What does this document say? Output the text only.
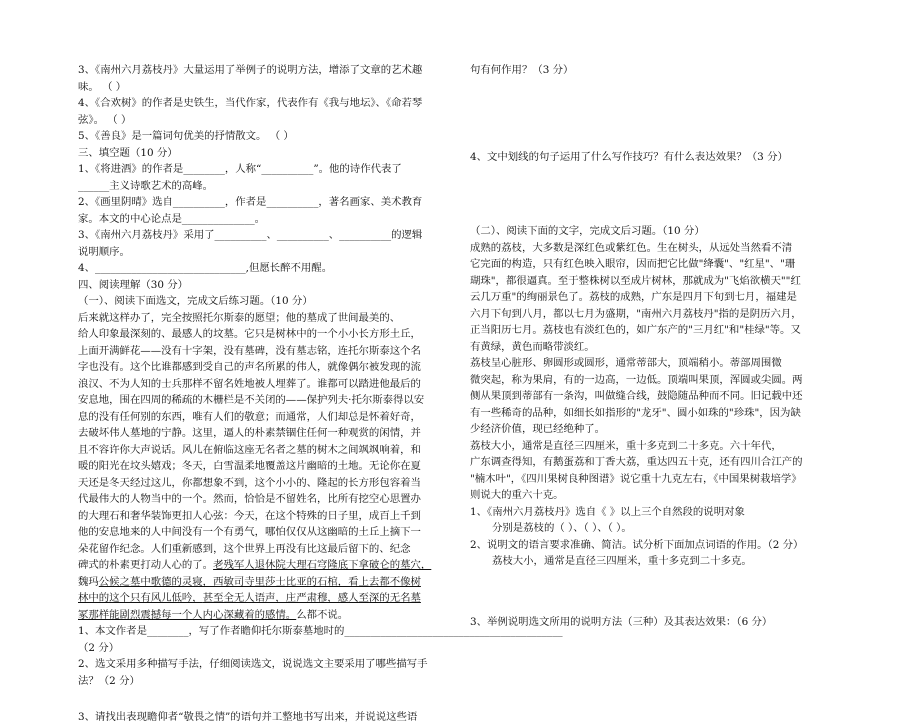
3、《南州六月荔枝丹》大量运用了举例子的说明方法，增添了文章的艺术趣
味。 （ ）
4、《合欢树》的作者是史铁生，当代作家，代表作有《我与地坛》、《命若琴
弦》。 （ ）
5、《善良》是一篇词句优美的抒情散文。 （ ）
三、填空题（10 分）
1、《将进酒》的作者是________，人称“__________”。他的诗作代表了
______主义诗歌艺术的高峰。
2、《画里阴晴》选自__________，作者是__________，著名画家、美术教育
家。本文的中心论点是______________。
3、《南州六月荔枝丹》采用了__________、__________、__________的逻辑
说明顺序。
4、_____________________________,但愿长醉不用醒。
四、阅读理解（30 分）
（一）、阅读下面选文，完成文后练习题。（10 分）
后来就这样办了，完全按照托尔斯泰的愿望；他的墓成了世间最美的、
给人印象最深刻的、最感人的坟墓。它只是树林中的一个小小长方形土丘，
上面开满鲜花——没有十字架，没有墓碑，没有墓志铭，连托尔斯泰这个名
字也没有。这个比谁都感到受自己的声名所累的伟人，就像偶尔被发现的流
浪汉、不为人知的士兵那样不留名姓地被人埋葬了。谁都可以踏进他最后的
安息地，围在四周的稀疏的木栅栏是不关闭的——保护列夫·托尔斯泰得以安
息的没有任何别的东西，唯有人们的敬意；而通常，人们却总是怀着好奇，
去破坏伟人墓地的宁静。这里，逼人的朴素禁锢住任何一种观赏的闲情，并
且不容许你大声说话。风儿在俯临这座无名者之墓的树木之间飒飒响着，和
暖的阳光在坟头嬉戏；冬天，白雪温柔地覆盖这片幽暗的土地。无论你在夏
天还是冬天经过这儿，你都想象不到，这个小小的、隆起的长方形包容着当
代最伟大的人物当中的一个。然而，恰恰是不留姓名，比所有挖空心思置办
的大理石和奢华装饰更扣人心弦：今天，在这个特殊的日子里，成百上千到
他的安息地来的人中间没有一个有勇气，哪怕仅仅从这幽暗的土丘上摘下一
朵花留作纪念。人们重新感到，这个世界上再没有比这最后留下的、纪念
碑式的朴素更打动人心的了。老残军人退休院大理石穹隆底下拿破仑的墓穴，
魏玛公候之墓中歌德的灵寝，西敏司寺里莎士比亚的石棺，看上去都不像树
林中的这个只有风儿低吟，甚至全无人语声，庄严肃穆，感人至深的无名墓
冢那样能剧烈震撼每一个人内心深藏着的感情。么都不说。
1、本文作者是________，写了作者瞻仰托尔斯泰墓地时的__________________________________________
（2 分）
2、选文采用多种描写手法，仔细阅读选文，说说选文主要采用了哪些描写手
法？（2 分）
3、请找出表现瞻仰者“敬畏之情”的语句并工整地书写出来，并说说这些语
句有何作用？（3 分）
4、文中划线的句子运用了什么写作技巧？有什么表达效果？（3 分）
（二）、阅读下面的文字，完成文后习题。（10 分）
成熟的荔枝，大多数是深红色或紫红色。生在树头，从远处当然看不清
它完面的构造，只有红色映入眼帘，因而把它比做"绛囊"、"红星"、"珊
瑚珠"，都很逼真。至于整株树以至成片树林，那就成为"飞焰欲横天""红
云几万重"的绚丽景色了。荔枝的成熟，广东是四月下旬到七月，福建是
六月下旬到八月，都以七月为盛期，"南州六月荔枝丹"指的是阴历六月，
正当阳历七月。荔枝也有淡红色的，如广东产的"三月红"和"桂绿"等。又
有黄绿，黄色而略带淡红。
荔枝呈心脏形、卵圆形或圆形，通常蒂部大，顶端稍小。蒂部周围微
微突起，称为果肩，有的一边高，一边低。顶端叫果顶，浑圆或尖圆。两
侧从果顶到蒂部有一条沟，叫做缝合线，鼓隐随品种而不同。旧记载中还
有一些稀奇的品种，如细长如指形的"龙牙"、圆小如珠的"珍珠"，因为缺
少经济价值，现已经绝种了。
荔枝大小，通常是直径三四厘米，重十多克到二十多克。六十年代，
广东调查得知，有鹅蛋荔和丁香大荔，重达四五十克，还有四川合江产的
"楠木叶"，《四川果树良种图谱》说它重十九克左右，《中国果树栽培学》
则说大的重六十克。
1、《南州六月荔枝丹》选自《 》以上三个自然段的说明对象
分别是荔枝的（ ）、（ ）、（ ）。
2、说明文的语言要求准确、简洁。试分析下面加点词语的作用。（2 分）
荔枝大小，通常是直径三四厘米，重十多克到二十多克。
3、举例说明选文所用的说明方法（三种）及其表达效果：（6 分）
